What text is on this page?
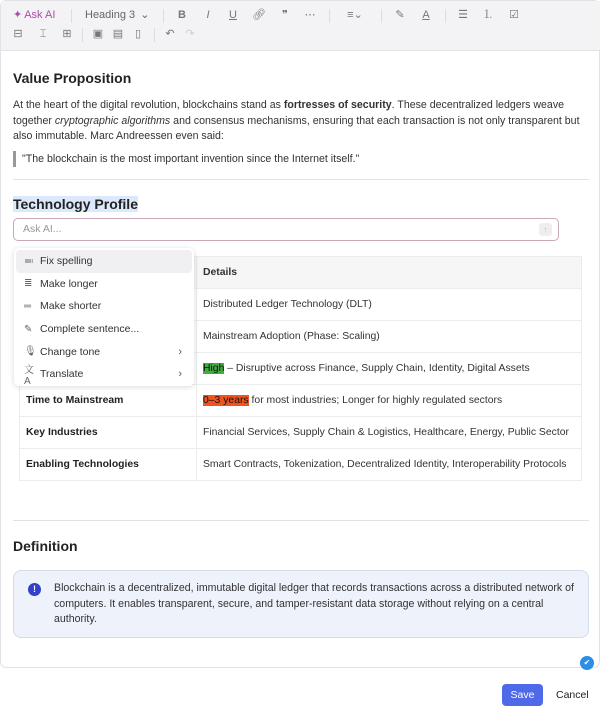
✦ Ask AI	Heading 3 ⌄	B	I	U 🔗︎	❞	⋯	≡⌄	✎	A	☰ ⒈ ☑
⊟	⌶	⊞ ▣ ▤	▯	↶ ↷
Value Proposition
At the heart of the digital revolution, blockchains stand as fortresses of security. These decentralized ledgers weave together cryptographic algorithms and consensus mechanisms, ensuring that each transaction is not only transparent but also immutable. Marc Andreessen even said:
"The blockchain is the most important invention since the Internet itself."
Technology Profile
Ask AI...	↑
	Details
	Distributed Ledger Technology (DLT)
	Mainstream Adoption (Phase: Scaling)
	High – Disruptive across Finance, Supply Chain, Identity, Digital Assets
Time to Mainstream	0–3 years for most industries; Longer for highly regulated sectors
Key Industries	Financial Services, Supply Chain & Logistics, Healthcare, Energy, Public Sector
Enabling Technologies	Smart Contracts, Tokenization, Decentralized Identity, Interoperability Protocols
≕ Fix spelling
≣ Make longer
═ Make shorter
✎ Complete sentence...
🎙︎ Change tone	›
文A
Translate	›
Definition
!	Blockchain is a decentralized, immutable digital ledger that records transactions across a distributed network of computers. It enables transparent, secure, and tamper-resistant data storage without relying on a central authority.
✔
Save	Cancel
